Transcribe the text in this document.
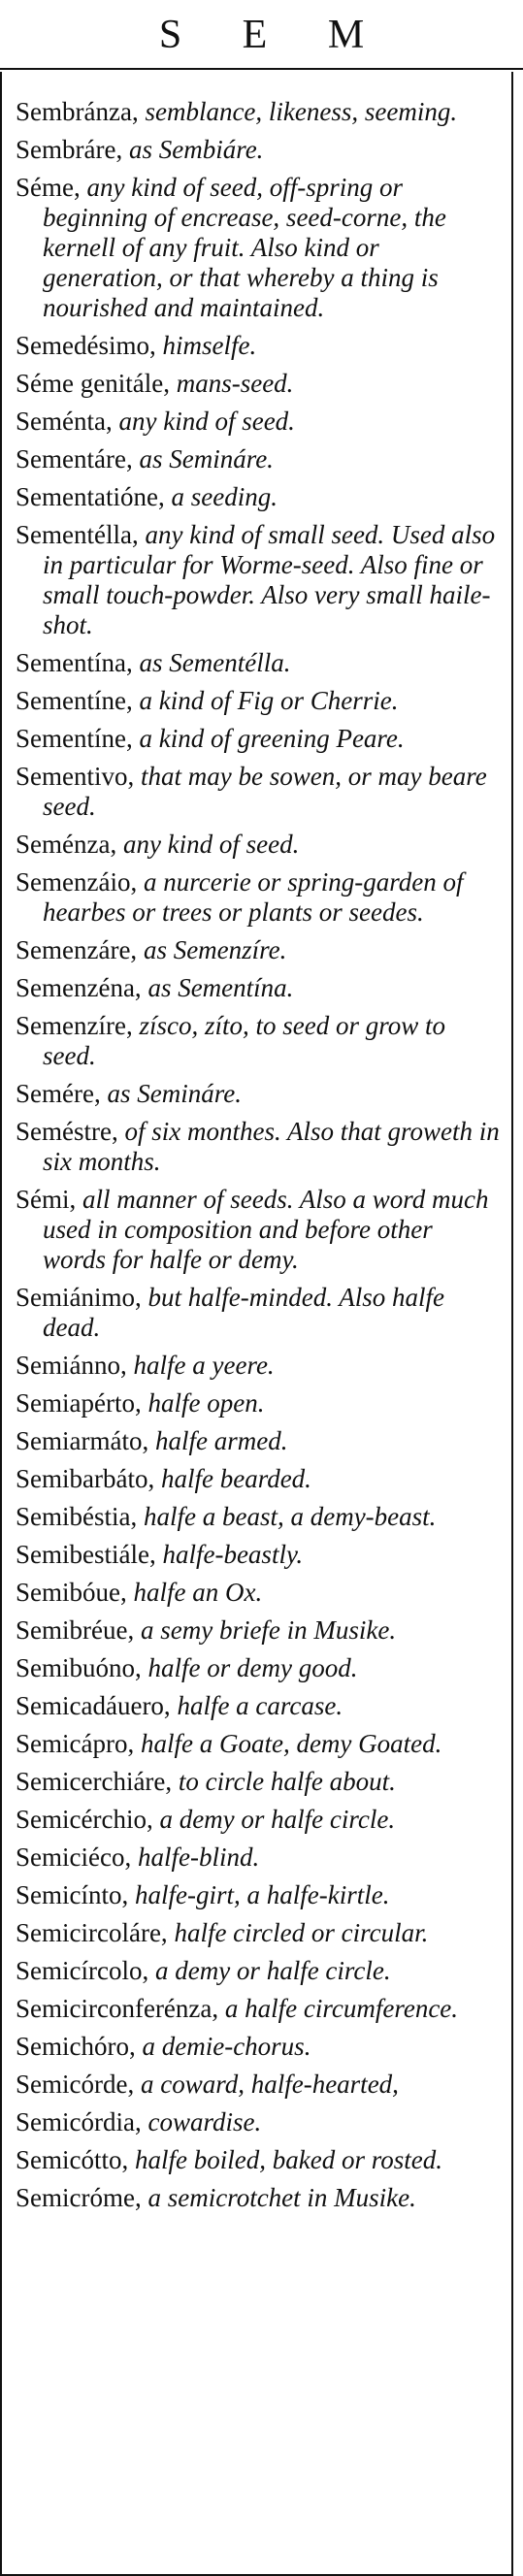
S E M

Sembránza, semblance, likeness, seeming.

Sembráre, as Sembiáre.

Séme, any kind of seed, off-spring or beginning of encrease, seed-corne, the kernell of any fruit. Also kind or generation, or that whereby a thing is nourished and maintained.

Semedésimo, himselfe.

Séme genitále, mans-seed.

Seménta, any kind of seed.

Sementáre, as Semináre.

Sementatióne, a seeding.

Sementélla, any kind of small seed. Used also in particular for Worme-seed. Also fine or small touch-powder. Also very small haile-shot.

Sementína, as Sementélla.

Sementíne, a kind of Fig or Cherrie.

Sementíne, a kind of greening Peare.

Sementivo, that may be sowen, or may beare seed.

Seménza, any kind of seed.

Semenzáio, a nurcerie or spring-garden of hearbes or trees or plants or seedes.

Semenzáre, as Semenzíre.

Semenzéna, as Sementína.

Semenzíre, zísco, zíto, to seed or grow to seed.

Semére, as Semináre.

Seméstre, of six monthes. Also that groweth in six months.

Sémi, all manner of seeds. Also a word much used in composition and before other words for halfe or demy.

Semiánimo, but halfe-minded. Also halfe dead.

Semiánno, halfe a yeere.

Semiapérto, halfe open.

Semiarmáto, halfe armed.

Semibarbáto, halfe bearded.

Semibéstia, halfe a beast, a demy-beast.

Semibestiále, halfe-beastly.

Semibóue, halfe an Ox.

Semibréue, a semy briefe in Musike.

Semibuóno, halfe or demy good.

Semicadáuero, halfe a carcase.

Semicápro, halfe a Goate, demy Goated.

Semicerchiáre, to circle halfe about.

Semicérchio, a demy or halfe circle.

Semiciéco, halfe-blind.

Semicínto, halfe-girt, a halfe-kirtle.

Semicircoláre, halfe circled or circular.

Semicírcolo, a demy or halfe circle.

Semicirconferénza, a halfe circumference.

Semichóro, a demie-chorus.

Semicórde, a coward, halfe-hearted,

Semicórdia, cowardise.

Semicótto, halfe boiled, baked or rosted.

Semicróme, a semicrotchet in Musike.
